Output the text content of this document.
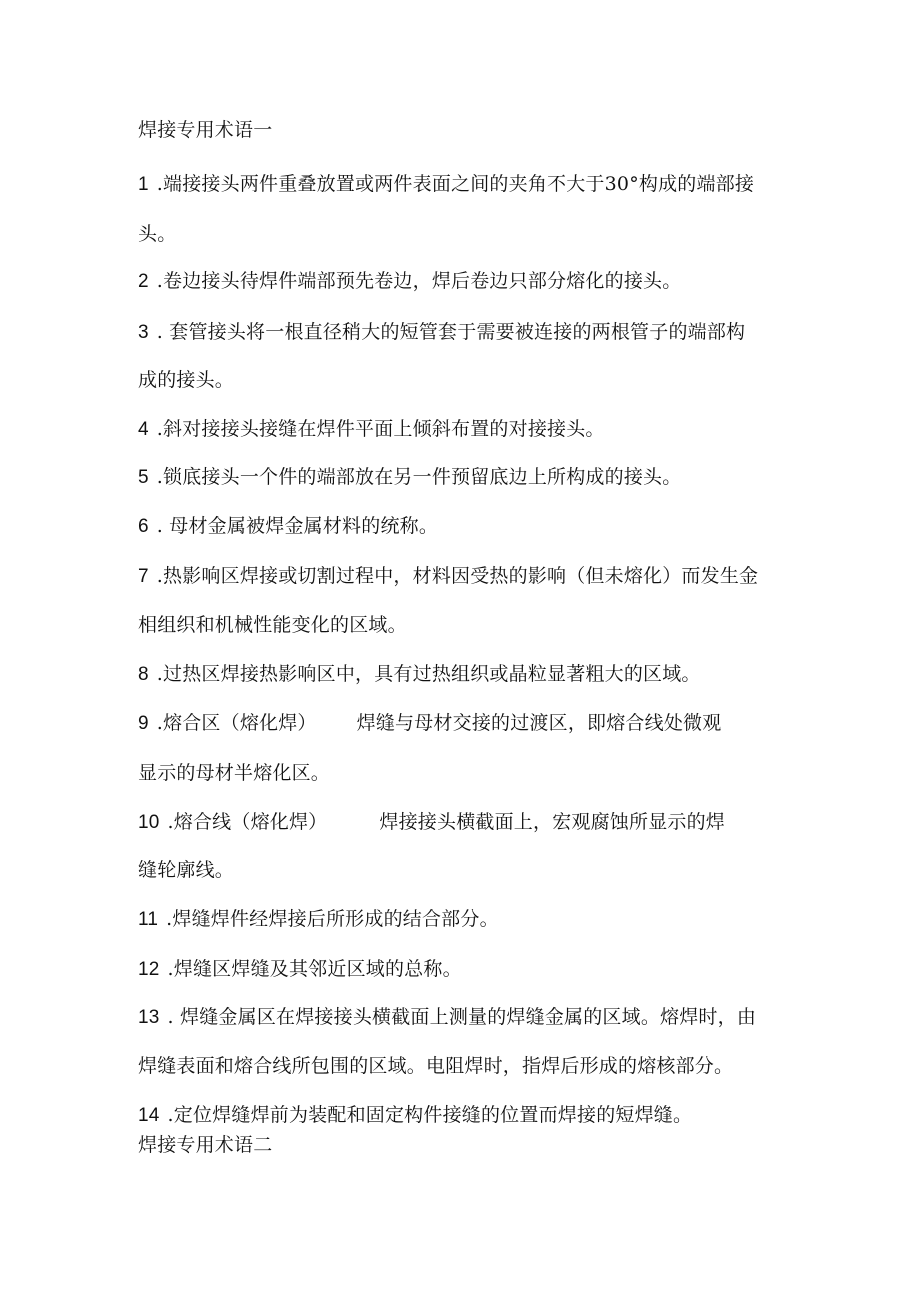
焊接专用术语一
1 .端接接头两件重叠放置或两件表面之间的夹角不大于30°构成的端部接
头。
2 .卷边接头待焊件端部预先卷边，焊后卷边只部分熔化的接头。
3 . 套管接头将一根直径稍大的短管套于需要被连接的两根管子的端部构
成的接头。
4 .斜对接接头接缝在焊件平面上倾斜布置的对接接头。
5 .锁底接头一个件的端部放在另一件预留底边上所构成的接头。
6 . 母材金属被焊金属材料的统称。
7 .热影响区焊接或切割过程中，材料因受热的影响（但未熔化）而发生金
相组织和机械性能变化的区域。
8 .过热区焊接热影响区中，具有过热组织或晶粒显著粗大的区域。
9 .熔合区（熔化焊） 焊缝与母材交接的过渡区，即熔合线处微观
显示的母材半熔化区。
10 .熔合线（熔化焊）	焊接接头横截面上，宏观腐蚀所显示的焊
缝轮廓线。
11 .焊缝焊件经焊接后所形成的结合部分。
12 .焊缝区焊缝及其邻近区域的总称。
13 . 焊缝金属区在焊接接头横截面上测量的焊缝金属的区域。熔焊时，由
焊缝表面和熔合线所包围的区域。电阻焊时，指焊后形成的熔核部分。
14 .定位焊缝焊前为装配和固定构件接缝的位置而焊接的短焊缝。
焊接专用术语二
